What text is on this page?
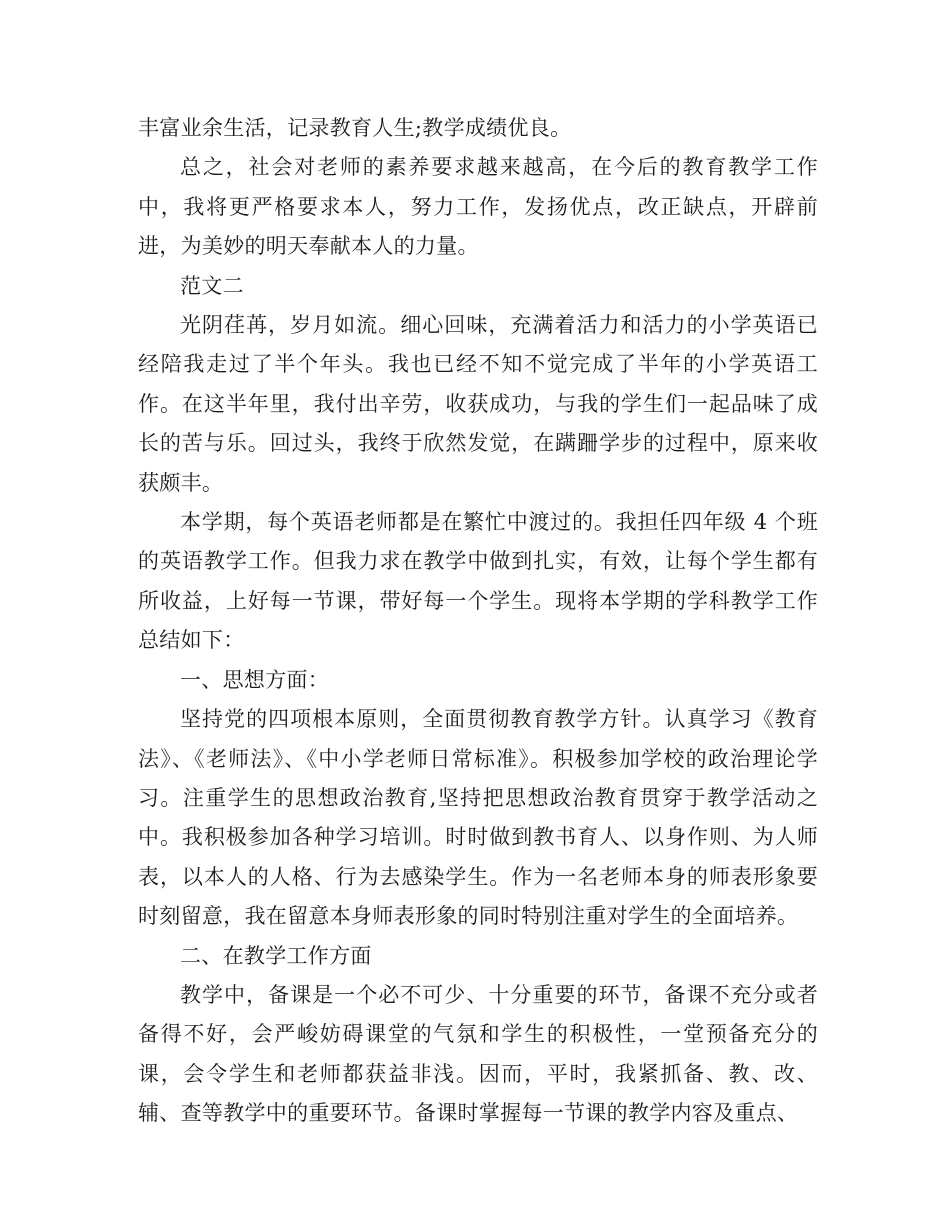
丰富业余生活，记录教育人生;教学成绩优良。

总之，社会对老师的素养要求越来越高，在今后的教育教学工作中，我将更严格要求本人，努力工作，发扬优点，改正缺点，开辟前进，为美妙的明天奉献本人的力量。

范文二

光阴荏苒，岁月如流。细心回味，充满着活力和活力的小学英语已经陪我走过了半个年头。我也已经不知不觉完成了半年的小学英语工作。在这半年里，我付出辛劳，收获成功，与我的学生们一起品味了成长的苦与乐。回过头，我终于欣然发觉，在蹒跚学步的过程中，原来收获颇丰。

本学期，每个英语老师都是在繁忙中渡过的。我担任四年级 4 个班的英语教学工作。但我力求在教学中做到扎实，有效，让每个学生都有所收益，上好每一节课，带好每一个学生。现将本学期的学科教学工作总结如下：

一、思想方面：

坚持党的四项根本原则，全面贯彻教育教学方针。认真学习《教育法》、《老师法》、《中小学老师日常标准》。积极参加学校的政治理论学习。注重学生的思想政治教育,坚持把思想政治教育贯穿于教学活动之中。我积极参加各种学习培训。时时做到教书育人、以身作则、为人师表，以本人的人格、行为去感染学生。作为一名老师本身的师表形象要时刻留意，我在留意本身师表形象的同时特别注重对学生的全面培养。

二、在教学工作方面

教学中，备课是一个必不可少、十分重要的环节，备课不充分或者备得不好，会严峻妨碍课堂的气氛和学生的积极性，一堂预备充分的课，会令学生和老师都获益非浅。因而，平时，我紧抓备、教、改、辅、查等教学中的重要环节。备课时掌握每一节课的教学内容及重点、
